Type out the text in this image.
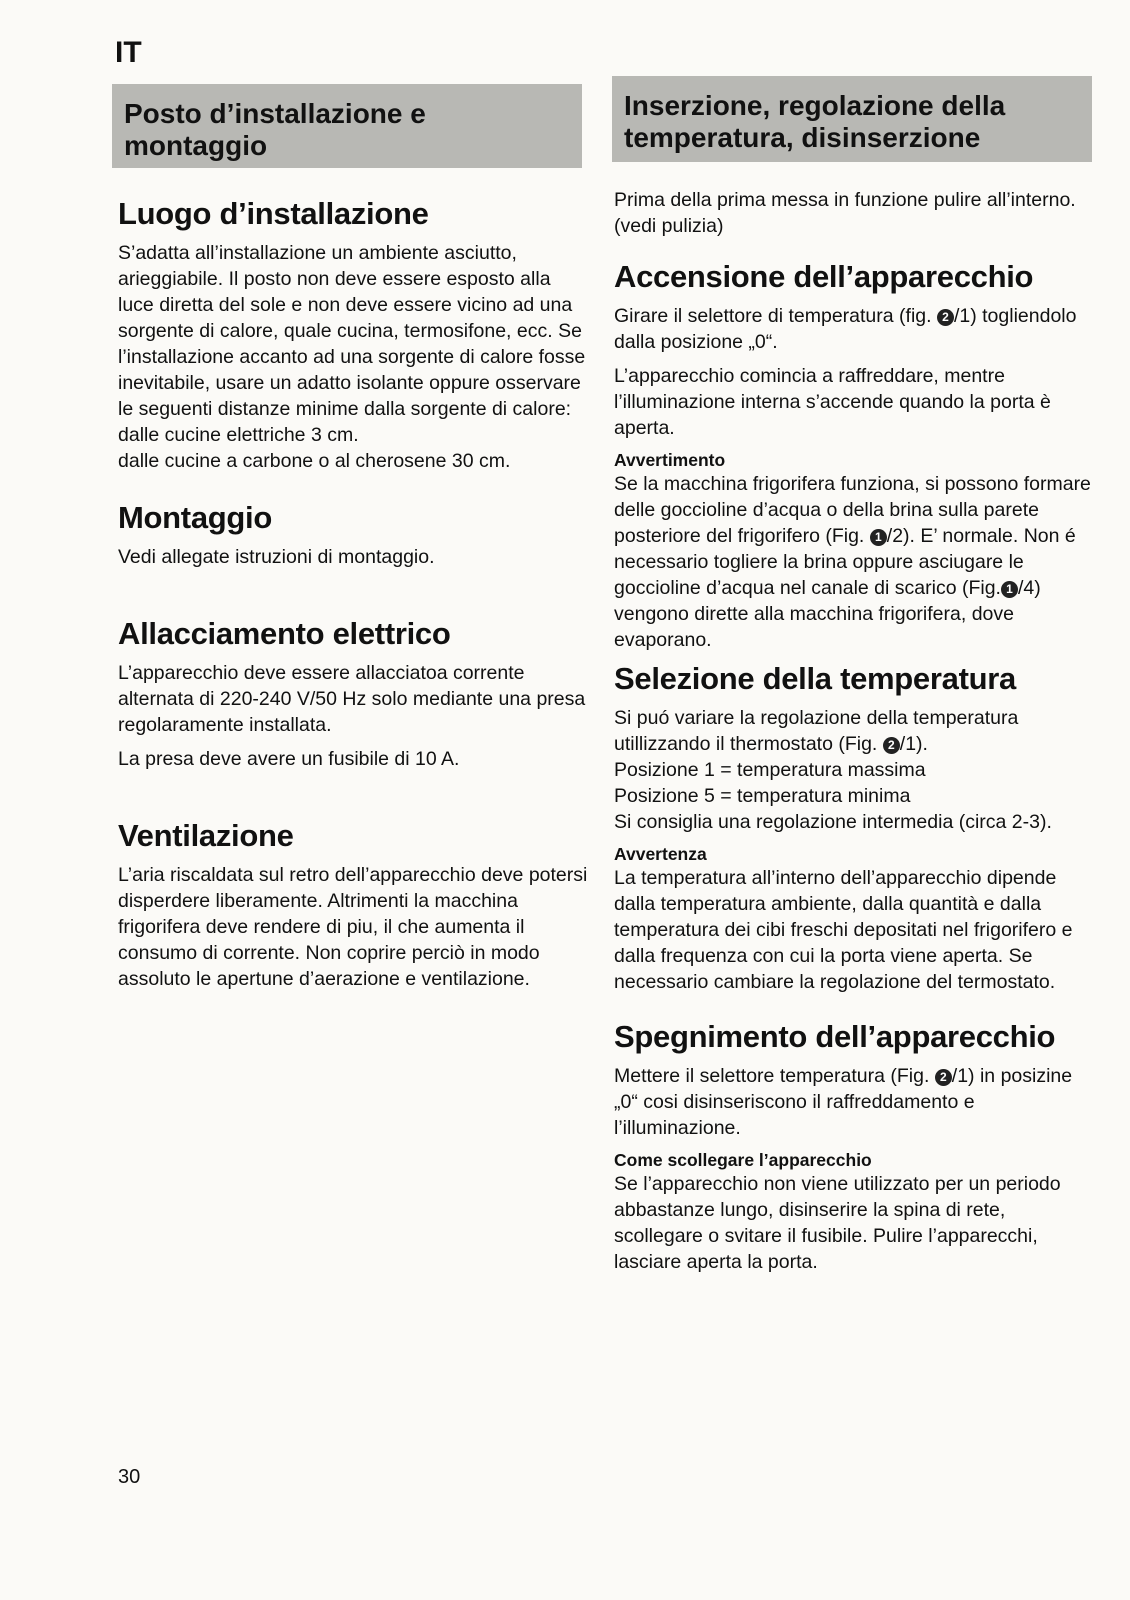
IT
Posto d’installazione e
montaggio
Inserzione, regolazione della
temperatura, disinserzione
Luogo d’installazione

S’adatta all’installazione un ambiente asciutto, arieggiabile. Il posto non deve essere esposto alla luce diretta del sole e non deve essere vicino ad una sorgente di calore, quale cucina, termosifone, ecc. Se l’installazione accanto ad una sorgente di calore fosse inevitabile, usare un adatto isolante oppure osservare le seguenti distanze minime dalla sorgente di calore:
dalle cucine elettriche 3 cm.
dalle cucine a carbone o al cherosene 30 cm.

Montaggio

Vedi allegate istruzioni di montaggio.

Allacciamento elettrico

L’apparecchio deve essere allacciatoa corrente alternata di 220-240 V/50 Hz solo mediante una presa regolaramente installata.

La presa deve avere un fusibile di 10 A.

Ventilazione

L’aria riscaldata sul retro dell’apparecchio deve potersi disperdere liberamente. Altrimenti la macchina frigorifera deve rendere di piu, il che aumenta il consumo di corrente. Non coprire perciò in modo assoluto le apertune d’aerazione e ventilazione.

Prima della prima messa in funzione pulire all’interno.
(vedi pulizia)

Accensione dell’apparecchio

Girare il selettore di temperatura (fig. 2 /1) togliendolo dalla posizione „0“.

L’apparecchio comincia a raffreddare, mentre l’illuminazione interna s’accende quando la porta è aperta.

Avvertimento

Se la macchina frigorifera funziona, si possono formare delle goccioline d’acqua o della brina sulla parete posteriore del frigorifero (Fig. 1 /2). E’ normale. Non é necessario togliere la brina oppure asciugare le goccioline d’acqua nel canale di scarico (Fig. 1 /4) vengono dirette alla macchina frigorifera, dove evaporano.

Selezione della temperatura

Si puó variare la regolazione della temperatura utillizzando il thermostato (Fig. 2 /1).
Posizione 1 = temperatura massima
Posizione 5 = temperatura minima
Si consiglia una regolazione intermedia (circa 2-3).

Avvertenza

La temperatura all’interno dell’apparecchio dipende dalla temperatura ambiente, dalla quantità e dalla temperatura dei cibi freschi depositati nel frigorifero e dalla frequenza con cui la porta viene aperta. Se necessario cambiare la regolazione del termostato.

Spegnimento dell’apparecchio

Mettere il selettore temperatura (Fig. 2 /1) in posizine „0“ cosi disinseriscono il raffreddamento e l’illuminazione.

Come scollegare l’apparecchio

Se l’apparecchio non viene utilizzato per un periodo abbastanze lungo, disinserire la spina di rete, scollegare o svitare il fusibile. Pulire l’apparecchi, lasciare aperta la porta.

30
